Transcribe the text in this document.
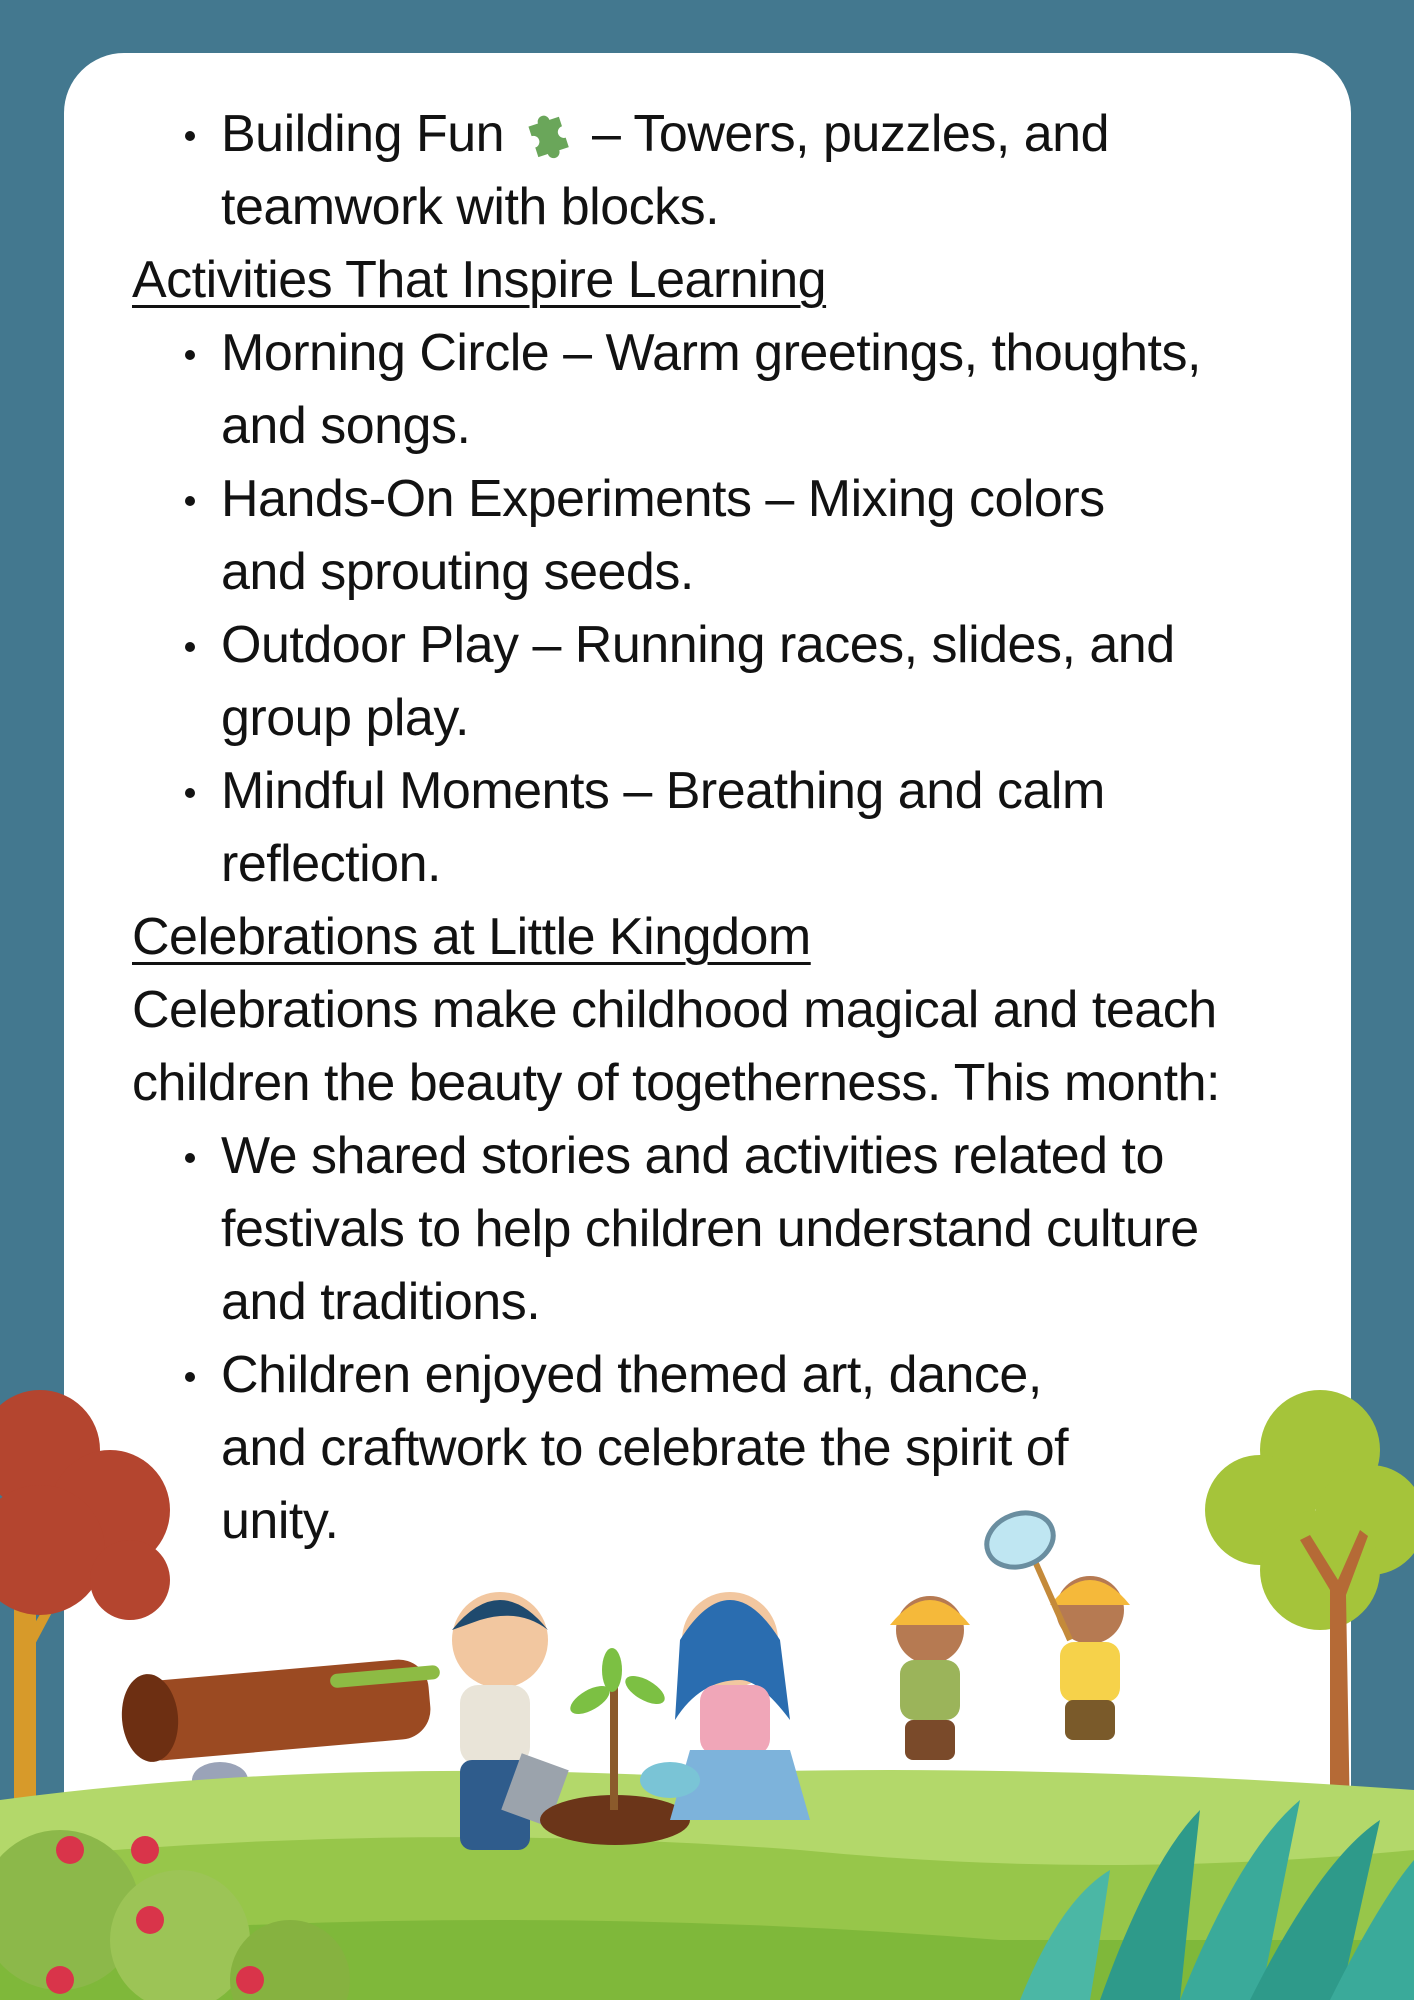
Building Fun – Towers, puzzles, and teamwork with blocks.
Activities That Inspire Learning
Morning Circle – Warm greetings, thoughts, and songs.
Hands-On Experiments – Mixing colors and sprouting seeds.
Outdoor Play – Running races, slides, and group play.
Mindful Moments – Breathing and calm reflection.
Celebrations at Little Kingdom

Celebrations make childhood magical and teach children the beauty of togetherness. This month:

We shared stories and activities related to festivals to help children understand culture and traditions.
Children enjoyed themed art, dance, and craftwork to celebrate the spirit of unity.
